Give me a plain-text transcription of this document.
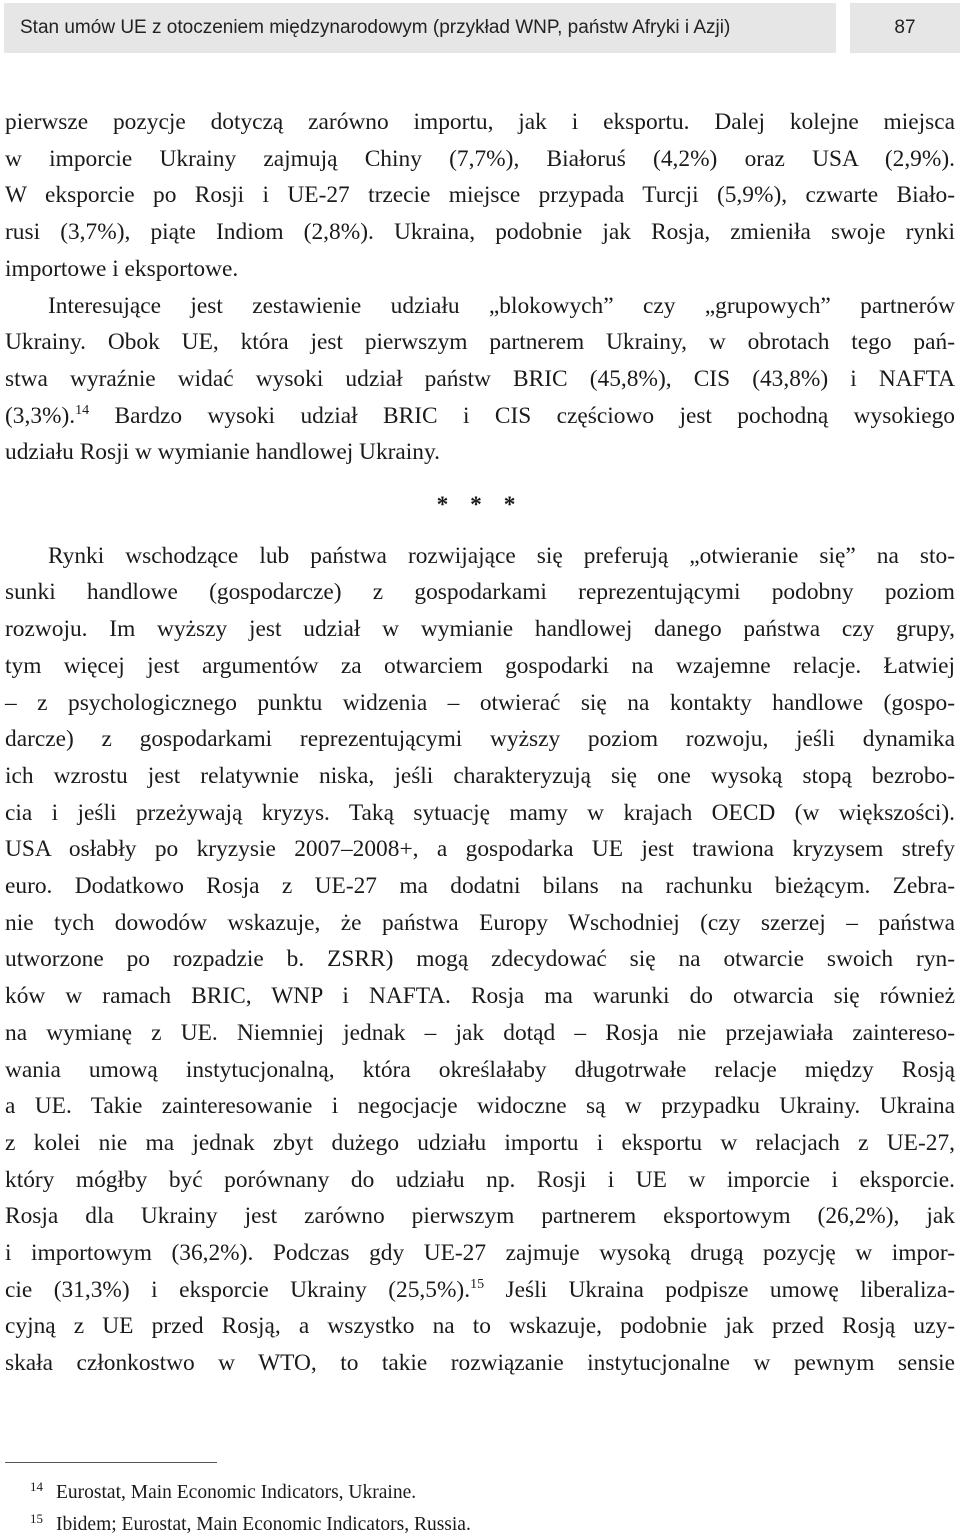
Stan umów UE z otoczeniem międzynarodowym (przykład WNP, państw Afryki i Azji)	87
pierwsze pozycje dotyczą zarówno importu, jak i eksportu. Dalej kolejne miejsca
w imporcie Ukrainy zajmują Chiny (7,7%), Białoruś (4,2%) oraz USA (2,9%).
W eksporcie po Rosji i UE-27 trzecie miejsce przypada Turcji (5,9%), czwarte Biało-
rusi (3,7%), piąte Indiom (2,8%). Ukraina, podobnie jak Rosja, zmieniła swoje rynki
importowe i eksportowe.
Interesujące jest zestawienie udziału „blokowych” czy „grupowych” partnerów
Ukrainy. Obok UE, która jest pierwszym partnerem Ukrainy, w obrotach tego pań-
stwa wyraźnie widać wysoki udział państw BRIC (45,8%), CIS (43,8%) i NAFTA
(3,3%).$^{14}$ Bardzo wysoki udział BRIC i CIS częściowo jest pochodną wysokiego
udziału Rosji w wymianie handlowej Ukrainy.
* * *
Rynki wschodzące lub państwa rozwijające się preferują „otwieranie się” na sto-
sunki handlowe (gospodarcze) z gospodarkami reprezentującymi podobny poziom
rozwoju. Im wyższy jest udział w wymianie handlowej danego państwa czy grupy,
tym więcej jest argumentów za otwarciem gospodarki na wzajemne relacje. Łatwiej
– z psychologicznego punktu widzenia – otwierać się na kontakty handlowe (gospo-
darcze) z gospodarkami reprezentującymi wyższy poziom rozwoju, jeśli dynamika
ich wzrostu jest relatywnie niska, jeśli charakteryzują się one wysoką stopą bezrobo-
cia i jeśli przeżywają kryzys. Taką sytuację mamy w krajach OECD (w większości).
USA osłabły po kryzysie 2007–2008+, a gospodarka UE jest trawiona kryzysem strefy
euro. Dodatkowo Rosja z UE-27 ma dodatni bilans na rachunku bieżącym. Zebra-
nie tych dowodów wskazuje, że państwa Europy Wschodniej (czy szerzej – państwa
utworzone po rozpadzie b. ZSRR) mogą zdecydować się na otwarcie swoich ryn-
ków w ramach BRIC, WNP i NAFTA. Rosja ma warunki do otwarcia się również
na wymianę z UE. Niemniej jednak – jak dotąd – Rosja nie przejawiała zaintereso-
wania umową instytucjonalną, która określałaby długotrwałe relacje między Rosją
a UE. Takie zainteresowanie i negocjacje widoczne są w przypadku Ukrainy. Ukraina
z kolei nie ma jednak zbyt dużego udziału importu i eksportu w relacjach z UE-27,
który mógłby być porównany do udziału np. Rosji i UE w imporcie i eksporcie.
Rosja dla Ukrainy jest zarówno pierwszym partnerem eksportowym (26,2%), jak
i importowym (36,2%). Podczas gdy UE-27 zajmuje wysoką drugą pozycję w impor-
cie (31,3%) i eksporcie Ukrainy (25,5%).$^{15}$ Jeśli Ukraina podpisze umowę liberaliza-
cyjną z UE przed Rosją, a wszystko na to wskazuje, podobnie jak przed Rosją uzy-
skała członkostwo w WTO, to takie rozwiązanie instytucjonalne w pewnym sensie
14 Eurostat, Main Economic Indicators, Ukraine.
15 Ibidem; Eurostat, Main Economic Indicators, Russia.
